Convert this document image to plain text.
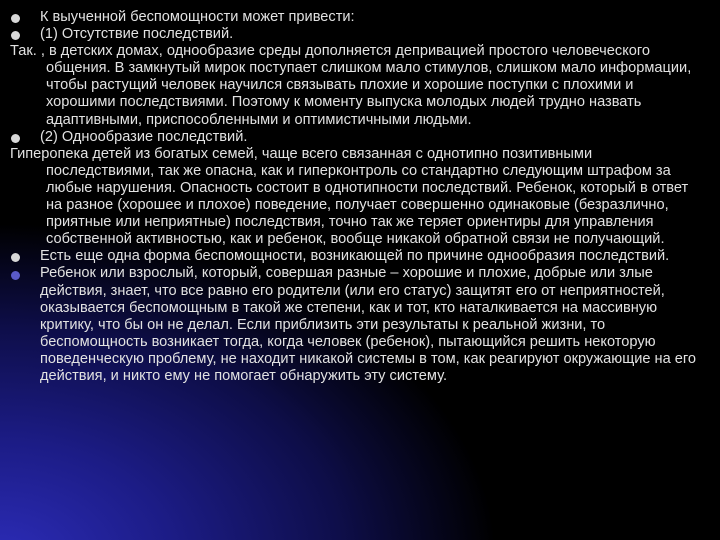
К выученной беспомощности может привести:

(1) Отсутствие последствий.

Так. , в детских домах, однообразие среды дополняется депривацией простого человеческого общения. В замкнутый мирок поступает слишком мало стимулов, слишком мало информации, чтобы растущий человек научился связывать плохие и хорошие поступки с плохими и хорошими последствиями. Поэтому к моменту выпуска молодых людей трудно назвать адаптивными, приспособленными и оптимистичными людьми.

(2) Однообразие последствий.

Гиперопека детей из богатых семей, чаще всего связанная с однотипно позитивными последствиями, так же опасна, как и гиперконтроль со стандартно следующим штрафом за любые нарушения. Опасность состоит в однотипности последствий. Ребенок, который в ответ на разное (хорошее и плохое) поведение, получает совершенно одинаковые (безразлично, приятные или неприятные) последствия, точно так же теряет ориентиры для управления собственной активностью, как и ребенок, вообще никакой обратной связи не получающий.

Есть еще одна форма беспомощности, возникающей по причине однообразия последствий. Ребенок или взрослый, который, совершая разные – хорошие и плохие, добрые или злые действия, знает, что все равно его родители (или его статус) защитят его от неприятностей, оказывается беспомощным в такой же степени, как и тот, кто наталкивается на массивную критику, что бы он не делал. Если приблизить эти результаты к реальной жизни, то беспомощность возникает тогда, когда человек (ребенок), пытающийся решить некоторую поведенческую проблему, не находит никакой системы в том, как реагируют окружающие на его действия, и никто ему не помогает обнаружить эту систему.
